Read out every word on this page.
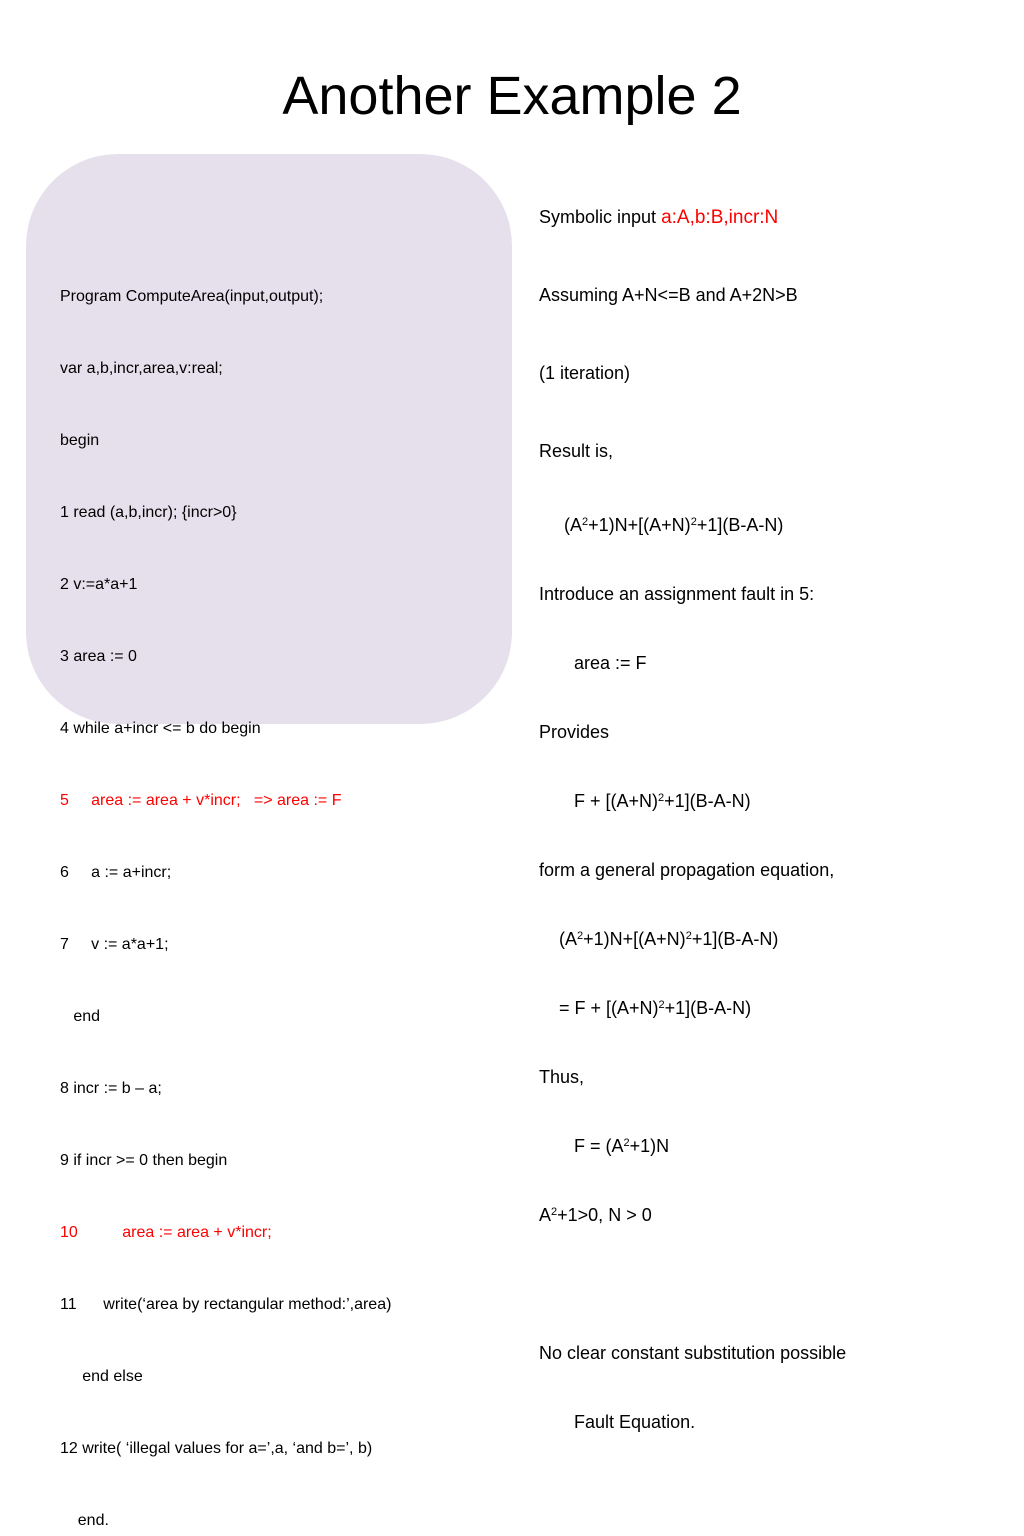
Another Example 2

Program ComputeArea(input,output);

var a,b,incr,area,v:real;

begin

1 read (a,b,incr); {incr>0}

2 v:=a*a+1

3 area := 0

4 while a+incr <= b do begin

5     area := area + v*incr;   => area := F

6     a := a+incr;

7     v := a*a+1;

end

8 incr := b – a;

9 if incr >= 0 then begin

10          area := area + v*incr;

11      write(‘area by rectangular method:’,area)

end else

12 write( ‘illegal values for a=’,a, ‘and b=’, b)

end.

Symbolic input a:A,b:B,incr:N

Assuming A+N<=B and A+2N>B

(1 iteration)

Result is,

$(A^2+1)N+[(A+N)^2+1](B-A-N)$

Introduce an assignment fault in 5:

area := F

Provides

$F + [(A+N)^2+1](B-A-N)$

form a general propagation equation,

$(A^2+1)N+[(A+N)^2+1](B-A-N)$

= $F + [(A+N)^2+1](B-A-N)$

Thus,

$F = (A^2+1)N$

$A^2+1>0$, N > 0

No clear constant substitution possible

Fault Equation.
